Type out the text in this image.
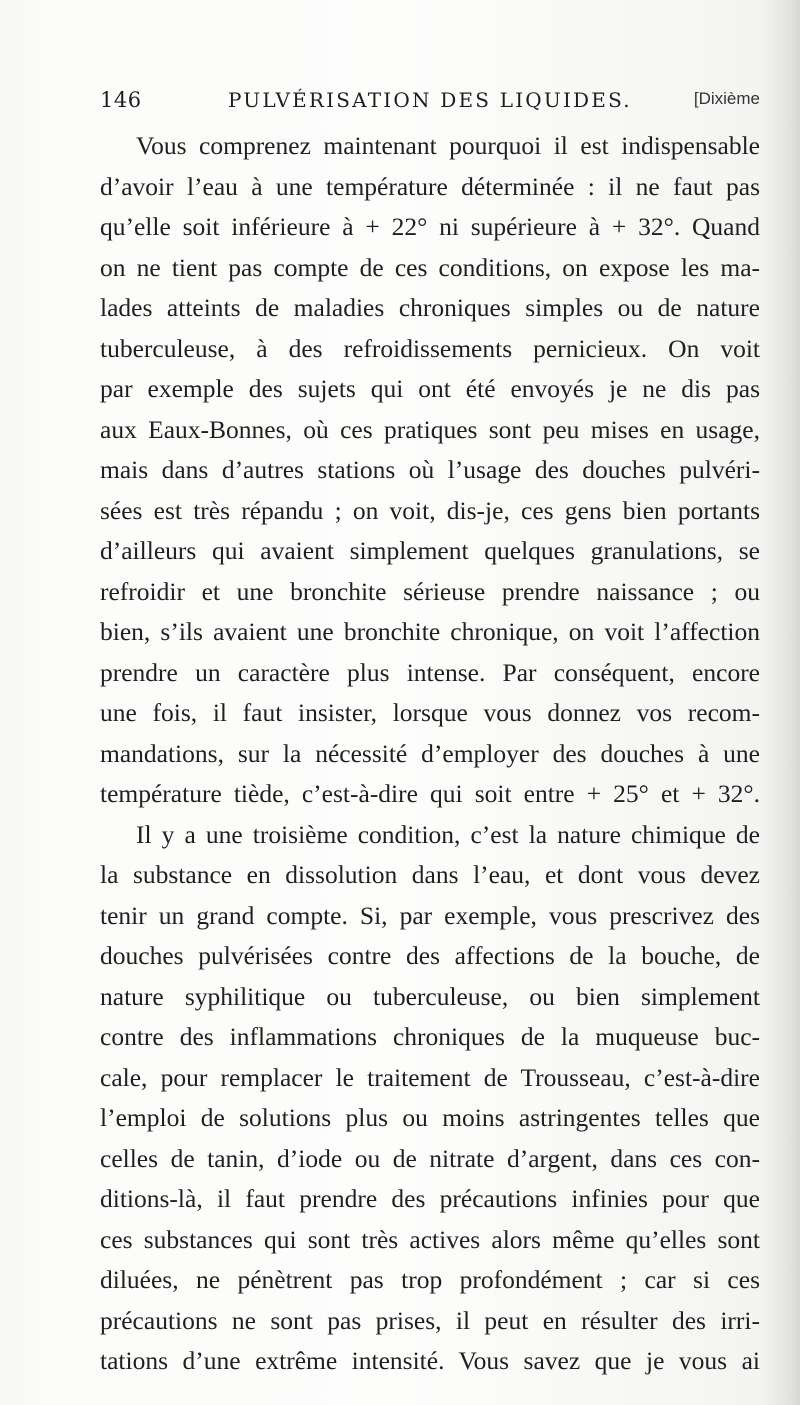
146	PULVÉRISATION DES LIQUIDES.	[Dixième
Vous comprenez maintenant pourquoi il est indispensable
d’avoir l’eau à une température déterminée : il ne faut pas
qu’elle soit inférieure à + 22° ni supérieure à + 32°. Quand
on ne tient pas compte de ces conditions, on expose les ma-
lades atteints de maladies chroniques simples ou de nature
tuberculeuse, à des refroidissements pernicieux. On voit
par exemple des sujets qui ont été envoyés je ne dis pas
aux Eaux-Bonnes, où ces pratiques sont peu mises en usage,
mais dans d’autres stations où l’usage des douches pulvéri-
sées est très répandu ; on voit, dis-je, ces gens bien portants
d’ailleurs qui avaient simplement quelques granulations, se
refroidir et une bronchite sérieuse prendre naissance ; ou
bien, s’ils avaient une bronchite chronique, on voit l’affection
prendre un caractère plus intense. Par conséquent, encore
une fois, il faut insister, lorsque vous donnez vos recom-
mandations, sur la nécessité d’employer des douches à une
température tiède, c’est-à-dire qui soit entre + 25° et + 32°.
Il y a une troisième condition, c’est la nature chimique de
la substance en dissolution dans l’eau, et dont vous devez
tenir un grand compte. Si, par exemple, vous prescrivez des
douches pulvérisées contre des affections de la bouche, de
nature syphilitique ou tuberculeuse, ou bien simplement
contre des inflammations chroniques de la muqueuse buc-
cale, pour remplacer le traitement de Trousseau, c’est-à-dire
l’emploi de solutions plus ou moins astringentes telles que
celles de tanin, d’iode ou de nitrate d’argent, dans ces con-
ditions-là, il faut prendre des précautions infinies pour que
ces substances qui sont très actives alors même qu’elles sont
diluées, ne pénètrent pas trop profondément ; car si ces
précautions ne sont pas prises, il peut en résulter des irri-
tations d’une extrême intensité. Vous savez que je vous ai
